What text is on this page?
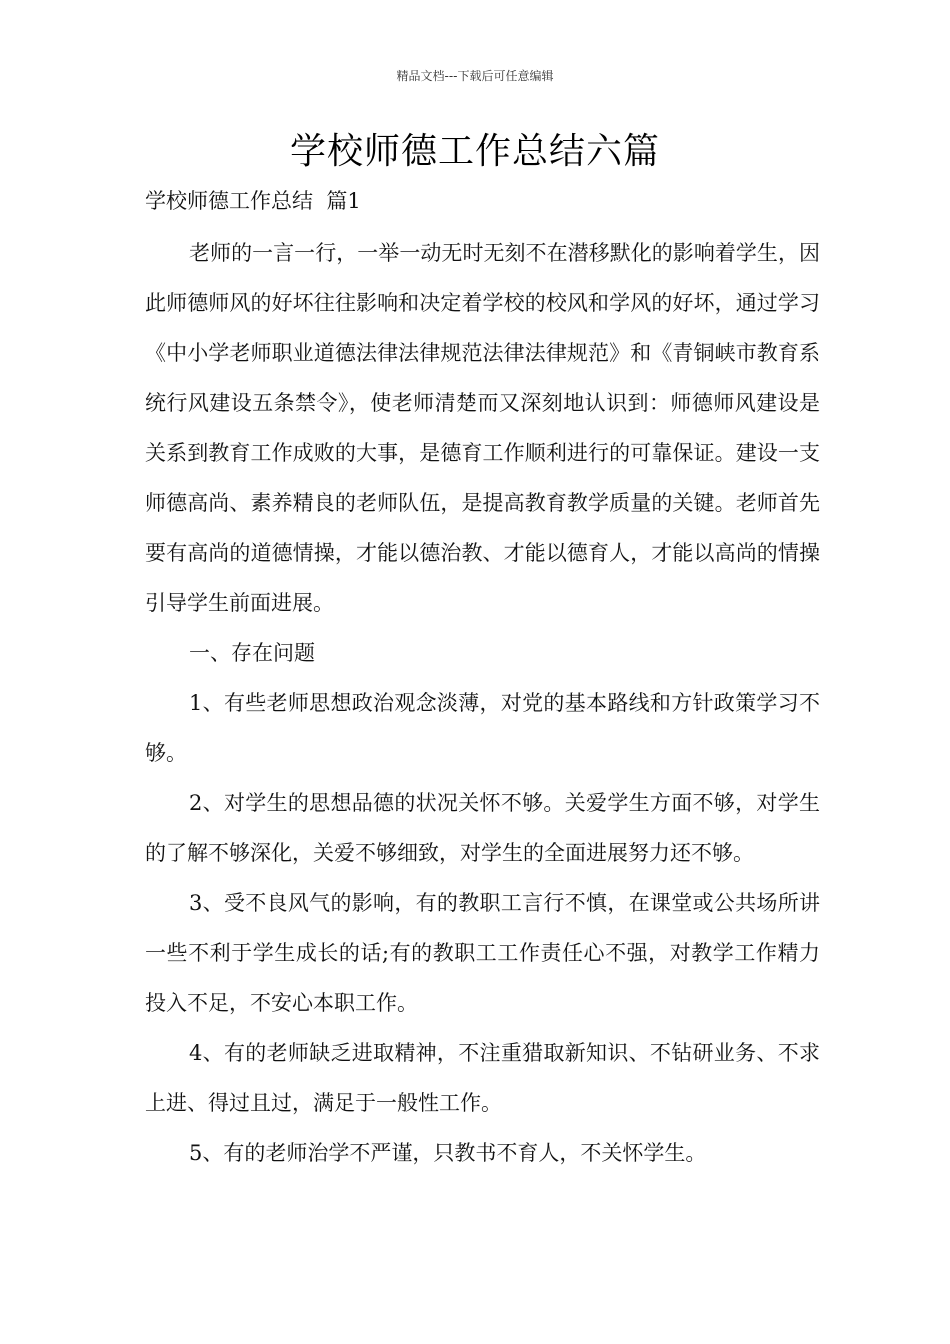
精品文档---下载后可任意编辑
学校师德工作总结六篇
学校师德工作总结  篇1

老师的一言一行，一举一动无时无刻不在潜移默化的影响着学生，因此师德师风的好坏往往影响和决定着学校的校风和学风的好坏，通过学习《中小学老师职业道德法律法律规范法律法律规范》和《青铜峡市教育系统行风建设五条禁令》，使老师清楚而又深刻地认识到：师德师风建设是关系到教育工作成败的大事，是德育工作顺利进行的可靠保证。建设一支师德高尚、素养精良的老师队伍，是提高教育教学质量的关键。老师首先要有高尚的道德情操，才能以德治教、才能以德育人，才能以高尚的情操引导学生前面进展。

一、存在问题

1、有些老师思想政治观念淡薄，对党的基本路线和方针政策学习不够。

2、对学生的思想品德的状况关怀不够。关爱学生方面不够，对学生的了解不够深化，关爱不够细致，对学生的全面进展努力还不够。

3、受不良风气的影响，有的教职工言行不慎，在课堂或公共场所讲一些不利于学生成长的话;有的教职工工作责任心不强，对教学工作精力投入不足，不安心本职工作。

4、有的老师缺乏进取精神，不注重猎取新知识、不钻研业务、不求上进、得过且过，满足于一般性工作。

5、有的老师治学不严谨，只教书不育人，不关怀学生。
